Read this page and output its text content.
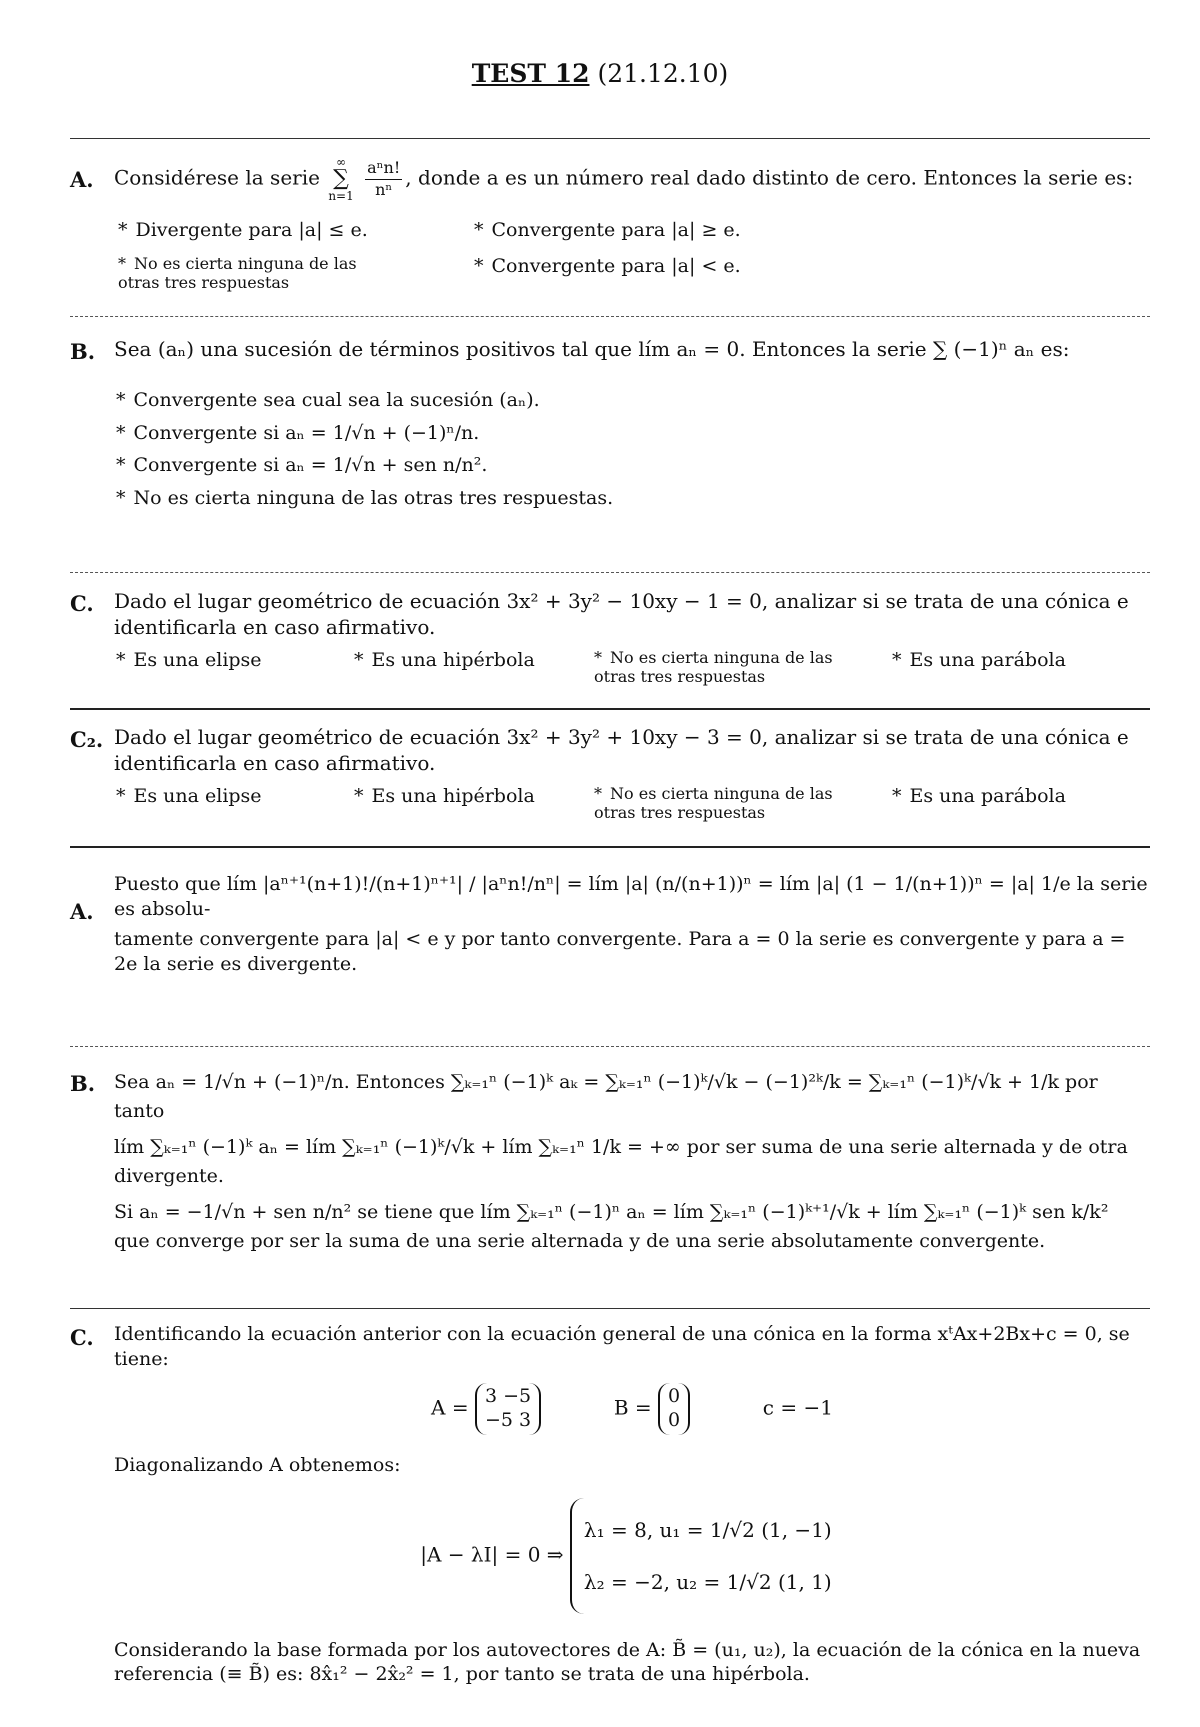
TEST 12 (21.12.10)
A. Considérese la serie ∞
∑
$n=1 \frac{\text{aⁿn!}}{\text{nⁿ}}$ , donde a es un número real dado distinto de cero. Entonces la serie es:
* Divergente para |a| ≤ e.	* Convergente para |a| ≥ e.
* No es cierta ninguna de las otras tres respuestas
* Convergente para |a| < e.
B. Sea (aₙ) una sucesión de términos positivos tal que lím aₙ = 0. Entonces la serie ∑ (−1)ⁿ aₙ es:
* Convergente sea cual sea la sucesión (aₙ).
* Convergente si aₙ = 1/√n + (−1)ⁿ/n.
* Convergente si aₙ = 1/√n + sen n/n².
* No es cierta ninguna de las otras tres respuestas.
C. Dado el lugar geométrico de ecuación 3x² + 3y² − 10xy − 1 = 0, analizar si se trata de una cónica e identificarla en caso afirmativo.
* Es una elipse	* Es una hipérbola	* No es cierta ninguna de las otras tres respuestas
* Es una parábola
C₂. Dado el lugar geométrico de ecuación 3x² + 3y² + 10xy − 3 = 0, analizar si se trata de una cónica e identificarla en caso afirmativo.
* Es una elipse	* Es una hipérbola	* No es cierta ninguna de las otras tres respuestas
* Es una parábola
A.

Puesto que lím |aⁿ⁺¹(n+1)!/(n+1)ⁿ⁺¹| / |aⁿn!/nⁿ| = lím |a| (n/(n+1))ⁿ = lím |a| (1 − 1/(n+1))ⁿ = |a| 1/e la serie es absolu-

tamente convergente para |a| < e y por tanto convergente. Para a = 0 la serie es convergente y para a = 2e la serie es divergente.

B. Sea aₙ = 1/√n + (−1)ⁿ/n. Entonces ∑ₖ₌₁ⁿ (−1)ᵏ aₖ = ∑ₖ₌₁ⁿ (−1)ᵏ/√k − (−1)²ᵏ/k = ∑ₖ₌₁ⁿ (−1)ᵏ/√k + 1/k por tanto

lím ∑ₖ₌₁ⁿ (−1)ᵏ aₙ = lím ∑ₖ₌₁ⁿ (−1)ᵏ/√k + lím ∑ₖ₌₁ⁿ 1/k = +∞ por ser suma de una serie alternada y de otra divergente.

Si aₙ = −1/√n + sen n/n² se tiene que lím ∑ₖ₌₁ⁿ (−1)ⁿ aₙ = lím ∑ₖ₌₁ⁿ (−1)ᵏ⁺¹/√k + lím ∑ₖ₌₁ⁿ (−1)ᵏ sen k/k² que converge por ser la suma de una serie alternada y de una serie absolutamente convergente.

C. Identificando la ecuación anterior con la ecuación general de una cónica en la forma xᵗAx+2Bx+c = 0, se tiene:

A = 3 −5
−5 3
B = 0
0
c = −1

Diagonalizando A obtenemos:

|A − λI| = 0 ⇒
λ₁ = 8, u₁ = 1/√2 (1, −1)
λ₂ = −2, u₂ = 1/√2 (1, 1)

Considerando la base formada por los autovectores de A: B̃ = (u₁, u₂), la ecuación de la cónica en la nueva referencia (≡ B̃) es: 8x̂₁² − 2x̂₂² = 1, por tanto se trata de una hipérbola.
